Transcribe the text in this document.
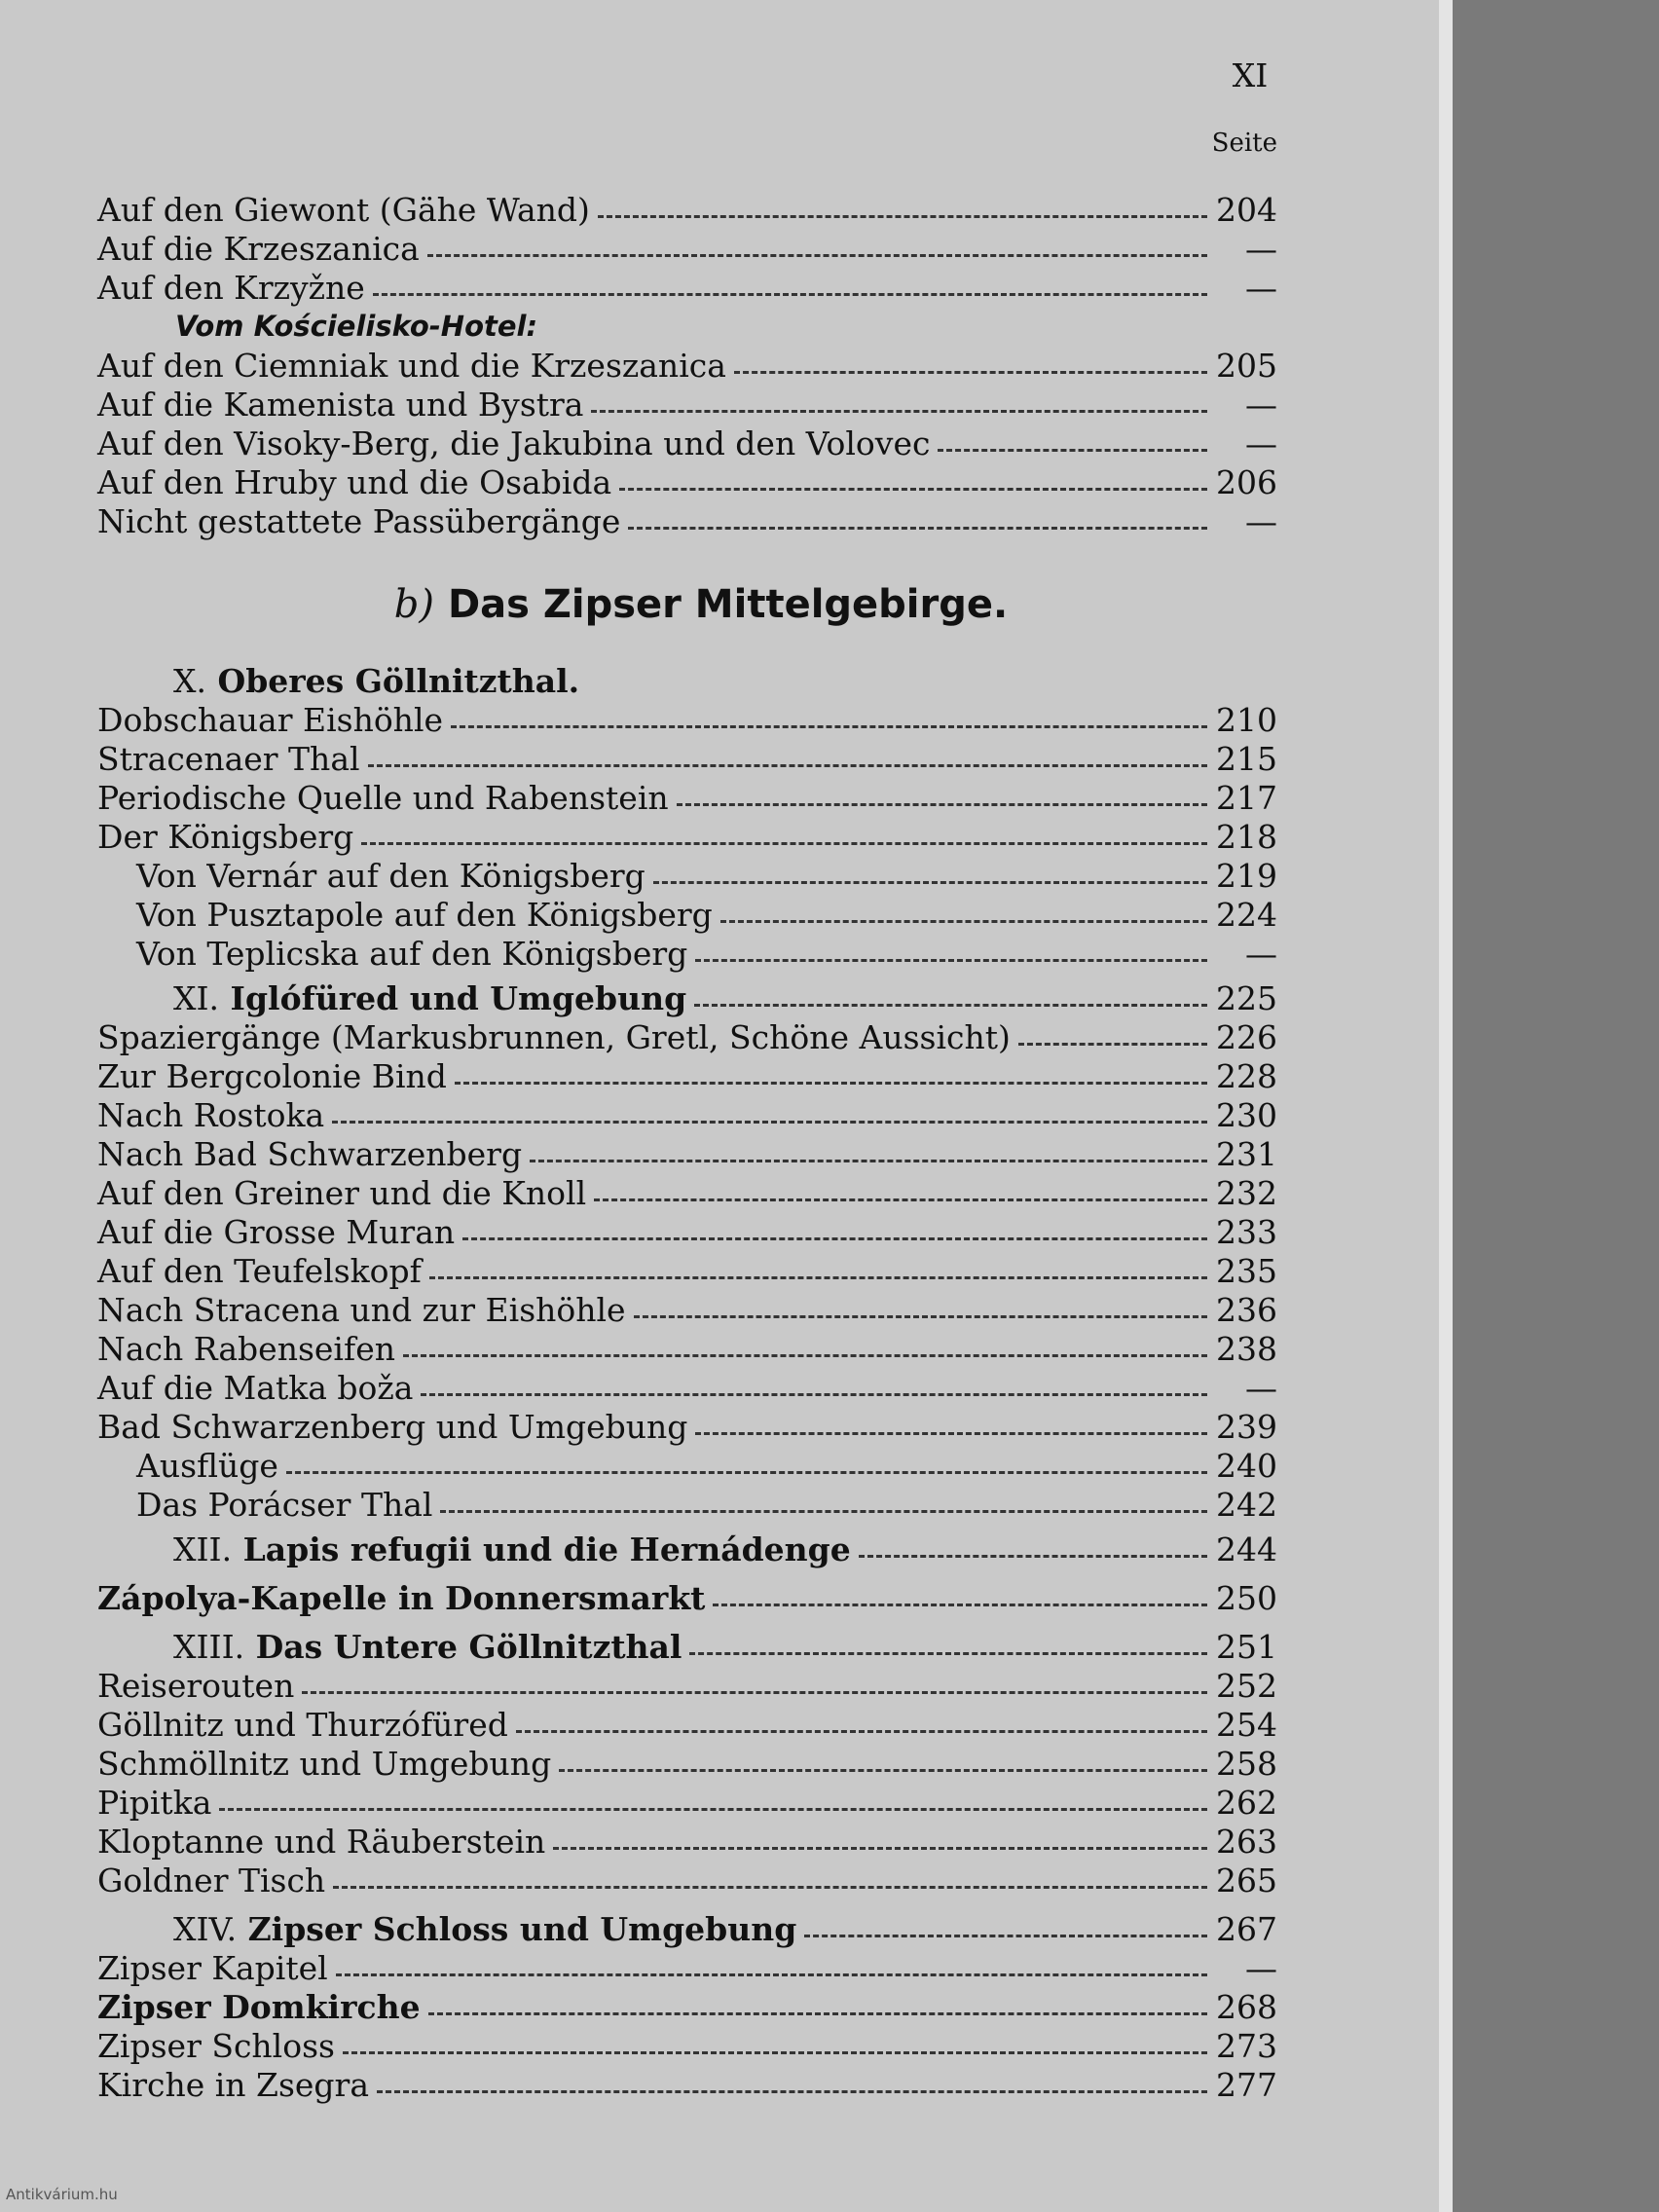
XI
Seite
Auf den Giewont (Gähe Wand)	204
Auf die Krzeszanica	—
Auf den Krzyžne	—
Vom Kościelisko-Hotel:
Auf den Ciemniak und die Krzeszanica	205
Auf die Kamenista und Bystra	—
Auf den Visoky-Berg, die Jakubina und den Volovec	—
Auf den Hruby und die Osabida	206
Nicht gestattete Passübergänge	—
b) Das Zipser Mittelgebirge.
X. Oberes Göllnitzthal.
Dobschauar Eishöhle	210
Stracenaer Thal	215
Periodische Quelle und Rabenstein	217
Der Königsberg	218
Von Vernár auf den Königsberg	219
Von Pusztapole auf den Königsberg	224
Von Teplicska auf den Königsberg	—
XI. Iglófüred und Umgebung	225
Spaziergänge (Markusbrunnen, Gretl, Schöne Aussicht)	226
Zur Bergcolonie Bind	228
Nach Rostoka	230
Nach Bad Schwarzenberg	231
Auf den Greiner und die Knoll	232
Auf die Grosse Muran	233
Auf den Teufelskopf	235
Nach Stracena und zur Eishöhle	236
Nach Rabenseifen	238
Auf die Matka boža	—
Bad Schwarzenberg und Umgebung	239
Ausflüge	240
Das Porácser Thal	242
XII. Lapis refugii und die Hernádenge	244
Zápolya-Kapelle in Donnersmarkt	250
XIII. Das Untere Göllnitzthal	251
Reiserouten	252
Göllnitz und Thurzófüred	254
Schmöllnitz und Umgebung	258
Pipitka	262
Kloptanne und Räuberstein	263
Goldner Tisch	265
XIV. Zipser Schloss und Umgebung	267
Zipser Kapitel	—
Zipser Domkirche	268
Zipser Schloss	273
Kirche in Zsegra	277
Antikvárium.hu
